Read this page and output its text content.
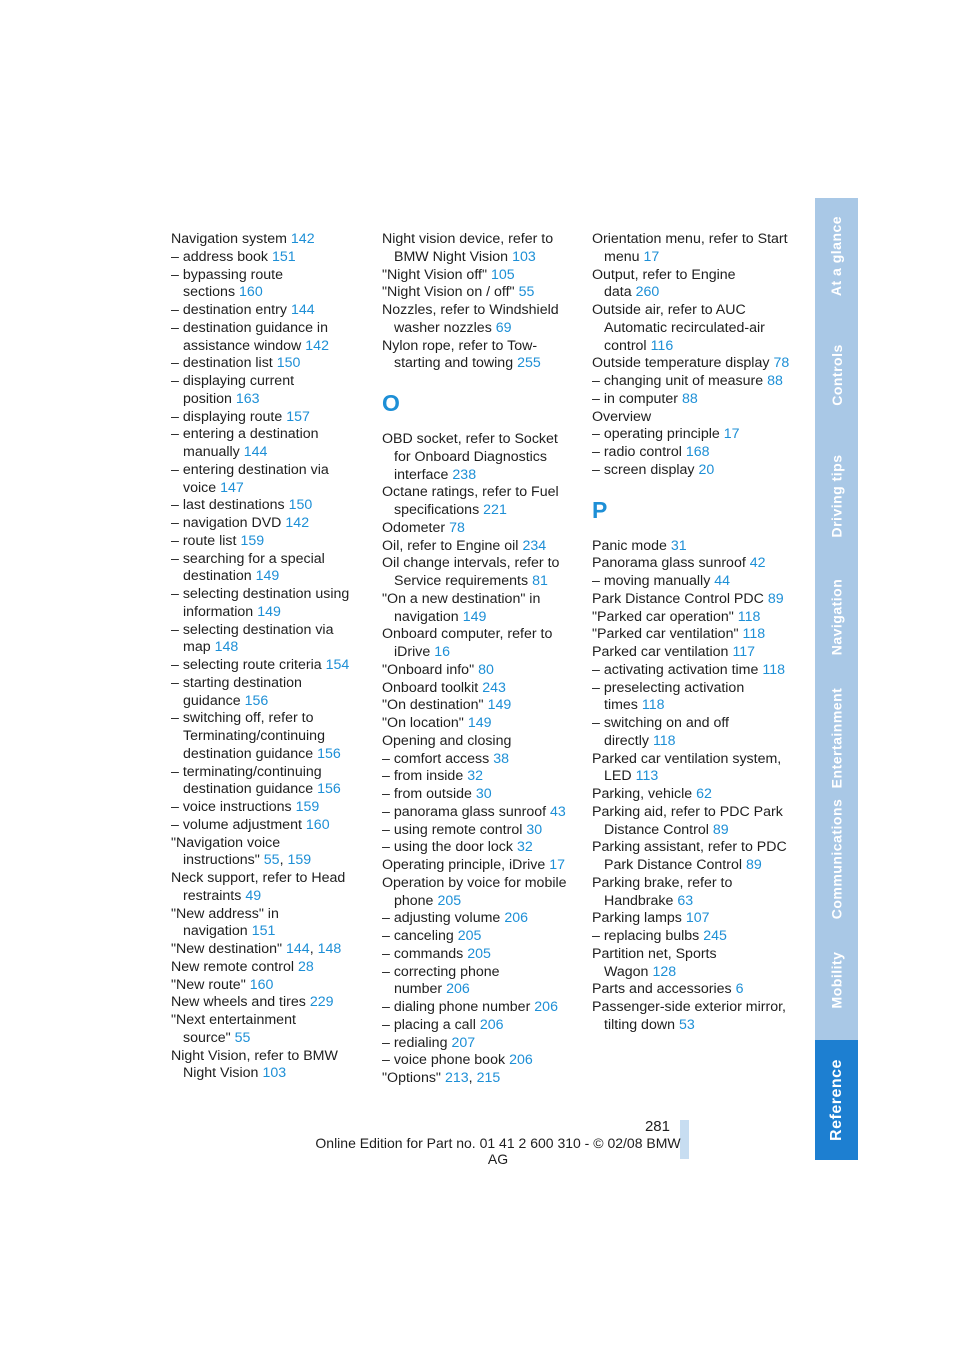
Navigation system 142
– address book 151
– bypassing route sections 160
– destination entry 144
– destination guidance in assistance window 142
– destination list 150
– displaying current position 163
– displaying route 157
– entering a destination manually 144
– entering destination via voice 147
– last destinations 150
– navigation DVD 142
– route list 159
– searching for a special destination 149
– selecting destination using information 149
– selecting destination via map 148
– selecting route criteria 154
– starting destination guidance 156
– switching off, refer to Terminating/continuing destination guidance 156
– terminating/continuing destination guidance 156
– voice instructions 159
– volume adjustment 160
"Navigation voice instructions" 55, 159
Neck support, refer to Head restraints 49
"New address" in navigation 151
"New destination" 144, 148
New remote control 28
"New route" 160
New wheels and tires 229
"Next entertainment source" 55
Night Vision, refer to BMW Night Vision 103
Night vision device, refer to BMW Night Vision 103
"Night Vision off" 105
"Night Vision on / off" 55
Nozzles, refer to Windshield washer nozzles 69
Nylon rope, refer to Tow-starting and towing 255
O
OBD socket, refer to Socket for Onboard Diagnostics interface 238
Octane ratings, refer to Fuel specifications 221
Odometer 78
Oil, refer to Engine oil 234
Oil change intervals, refer to Service requirements 81
"On a new destination" in navigation 149
Onboard computer, refer to iDrive 16
"Onboard info" 80
Onboard toolkit 243
"On destination" 149
"On location" 149
Opening and closing
– comfort access 38
– from inside 32
– from outside 30
– panorama glass sunroof 43
– using remote control 30
– using the door lock 32
Operating principle, iDrive 17
Operation by voice for mobile phone 205
– adjusting volume 206
– canceling 205
– commands 205
– correcting phone number 206
– dialing phone number 206
– placing a call 206
– redialing 207
– voice phone book 206
"Options" 213, 215
Orientation menu, refer to Start menu 17
Output, refer to Engine data 260
Outside air, refer to AUC Automatic recirculated-air control 116
Outside temperature display 78
– changing unit of measure 88
– in computer 88
Overview
– operating principle 17
– radio control 168
– screen display 20
P
Panic mode 31
Panorama glass sunroof 42
– moving manually 44
Park Distance Control PDC 89
"Parked car operation" 118
"Parked car ventilation" 118
Parked car ventilation 117
– activating activation time 118
– preselecting activation times 118
– switching on and off directly 118
Parked car ventilation system, LED 113
Parking, vehicle 62
Parking aid, refer to PDC Park Distance Control 89
Parking assistant, refer to PDC Park Distance Control 89
Parking brake, refer to Handbrake 63
Parking lamps 107
– replacing bulbs 245
Partition net, Sports Wagon 128
Parts and accessories 6
Passenger-side exterior mirror, tilting down 53
At a glance
Controls
Driving tips
Navigation
Entertainment
Communications
Mobility
Reference
281
Online Edition for Part no. 01 41 2 600 310 - © 02/08 BMW AG
